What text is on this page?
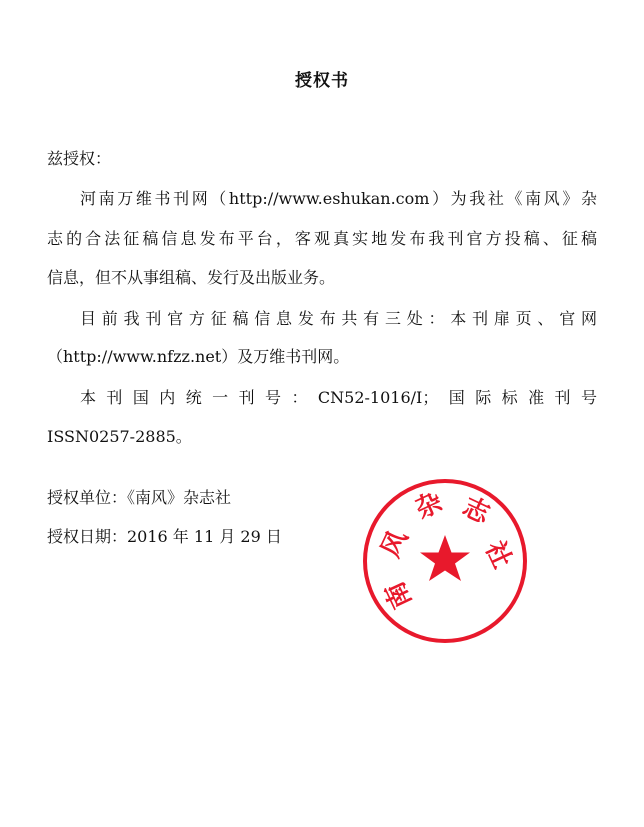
授权书
兹授权：
河南万维书刊网（http://www.eshukan.com）为我社《南风》杂
志的合法征稿信息发布平台，客观真实地发布我刊官方投稿、征稿
信息，但不从事组稿、发行及出版业务。
目前我刊官方征稿信息发布共有三处：本刊扉页、官网
（http://www.nfzz.net）及万维书刊网。
本刊国内统一刊号：CN52-1016/I；国际标准刊号
ISSN0257-2885。
授权单位：《南风》杂志社
授权日期：2016 年 11 月 29 日
南
风
杂 志
社
